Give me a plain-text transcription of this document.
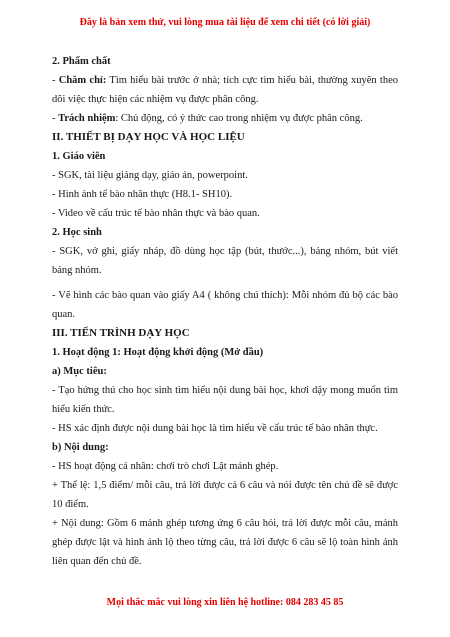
Đây là bản xem thử, vui lòng mua tài liệu để xem chi tiết (có lời giải)

2. Phẩm chất

- Chăm chỉ: Tìm hiểu bài trước ở nhà; tích cực tìm hiểu bài, thường xuyên theo dõi việc thực hiện các nhiệm vụ được phân công.

- Trách nhiệm: Chủ động, có ý thức cao trong nhiệm vụ được phân công.

II. THIẾT BỊ DẠY HỌC VÀ HỌC LIỆU

1. Giáo viên

- SGK, tài liệu giảng dạy, giáo án, powerpoint.

- Hình ảnh tế bào nhân thực (H8.1- SH10).

- Video về cấu trúc tế bào nhân thực và bào quan.

2. Học sinh

- SGK, vở ghi, giấy nháp, đồ dùng học tập (bút, thước...), bảng nhóm, bút viết bảng nhóm.

- Vẽ hình các bào quan vào giấy A4 ( không chú thích): Mỗi nhóm đủ bộ các bào quan.

III. TIẾN TRÌNH DẠY HỌC

1. Hoạt động 1: Hoạt động khởi động (Mở đầu)

a) Mục tiêu:

- Tạo hứng thú cho học sinh tìm hiểu nội dung bài học, khơi dậy mong muốn tìm hiểu kiến thức.

- HS xác định được nội dung bài học là tìm hiểu về cấu trúc tế bào nhân thực.

b) Nội dung:

- HS hoạt động cá nhân: chơi trò chơi Lật mảnh ghép.

+ Thể lệ: 1,5 điểm/ mỗi câu, trả lời được cả 6 câu và nói được tên chủ đề sẽ được 10 điểm.

+ Nội dung: Gồm 6 mảnh ghép tương ứng 6 câu hỏi, trả lời được mỗi câu, mảnh ghép được lật và hình ảnh lộ theo từng câu, trả lời được 6 câu sẽ lộ toàn hình ảnh liên quan đến chủ đề.

Mọi thắc mắc vui lòng xin liên hệ hotline: 084 283 45 85
